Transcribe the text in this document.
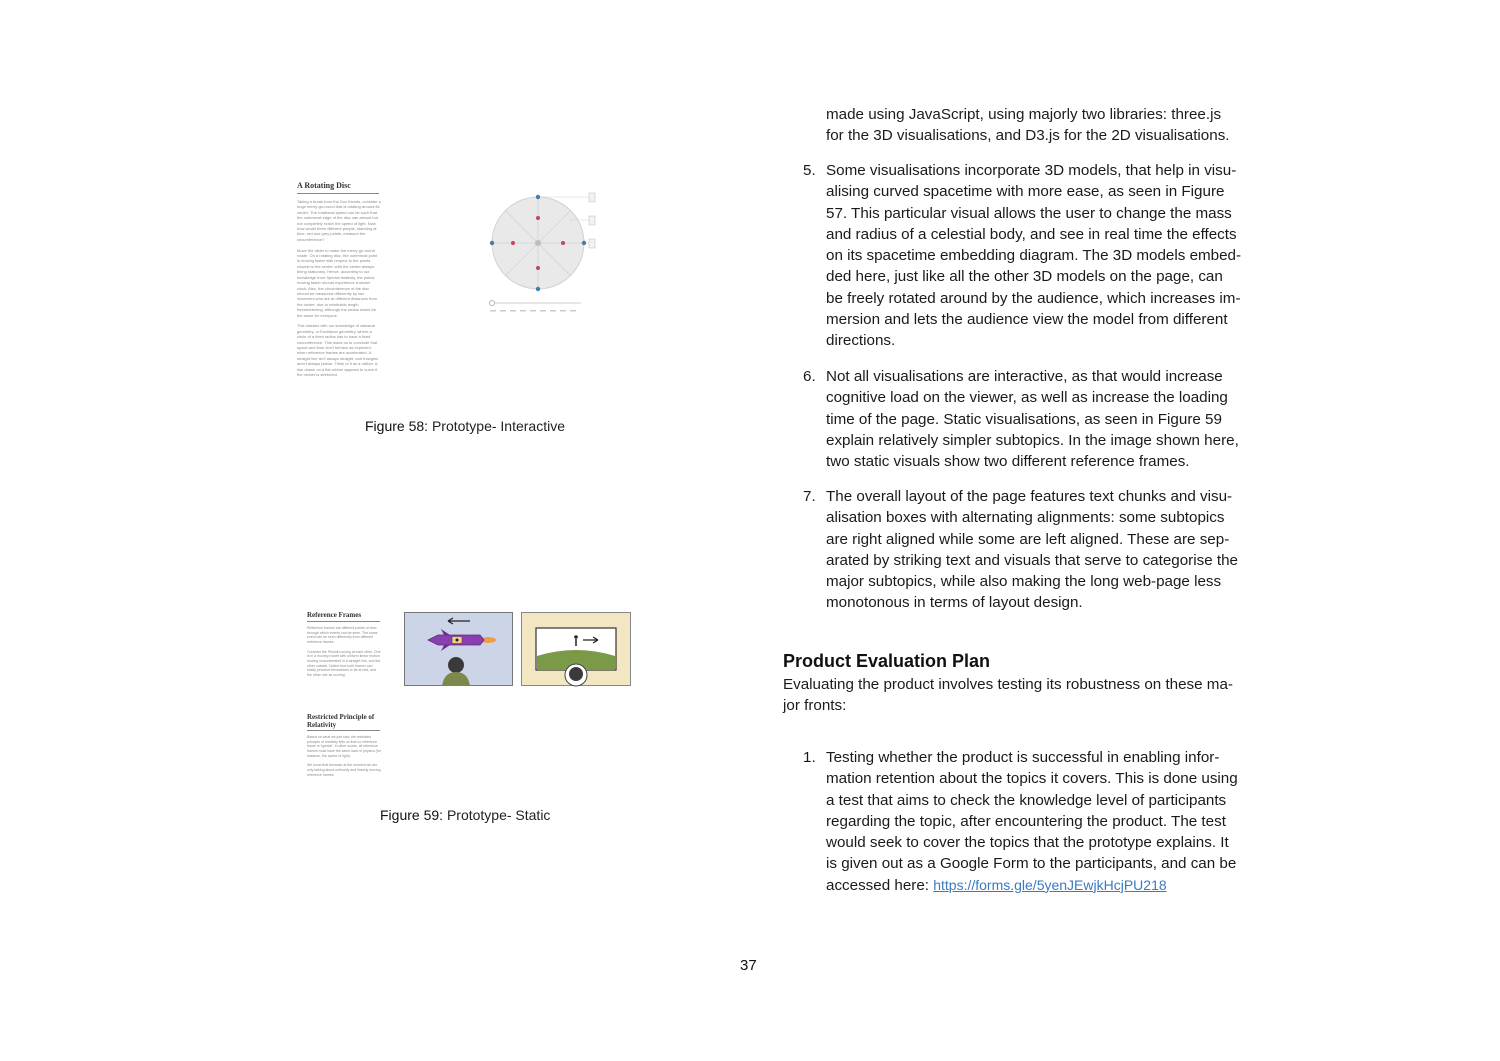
A Rotating Disc
Taking a break from the Doc friends, consider a huge merry-go-round that is rotating around its center. The rotational speed can be such that the outermost edge of the disc can almost but not completely reach the speed of light. Now how would three different people, standing at blue, red and grey points, measure the circumference?

Move the slider to make the merry-go-round rotate. On a rotating disc, the outermost point is moving faster with respect to the points closest to the center, with the center always being stationary. Hence, according to our knowledge from Special relativity, the points moving faster should experience a slower clock. Also, the circumference of the disc should be measured differently by two observers who are at different distances from the center, due to relativistic length foreshortening, although the radius would be the same for everyone.

This clashes with our knowledge of classical geometry, or Euclidean geometry, where a circle of a fixed radius has to have a fixed circumference. This leads us to conclude that space and time don't behave as expected when reference frames are accelerated. A straight line isn't always straight, and triangles aren't always planar. Think of it as a rubber. A line drawn on a flat rubber appears to curve if the rubber is stretched.
Figure 58: Prototype- Interactive
Reference Frames
Reference frames are different points of view through which events can be seen. The same event can be seen differently from different reference frames.

Consider the Prismit moving at each other. One is in a moving rocket with uniform linear motion moving unaccelerated in a straight line, and the other outside. Notice how both frames can easily perceive themselves to be at rest, and the other one as moving.
Restricted Principle of Relativity
Based on what we just saw, the restricted principle of relativity tells us that no reference frame is 'special'. In other words, all reference frames must have the same laws of physics (for instance, the speed of light).

We know that because at the moment we are only talking about uniformly and linearly moving reference frames.
Figure 59: Prototype- Static
made using JavaScript, using majorly two libraries: three.js
for the 3D visualisations, and D3.js for the 2D visualisations.
5. Some visualisations incorporate 3D models, that help in visu-
alising curved spacetime with more ease, as seen in Figure
57. This particular visual allows the user to change the mass
and radius of a celestial body, and see in real time the effects
on its spacetime embedding diagram. The 3D models embed-
ded here, just like all the other 3D models on the page, can
be freely rotated around by the audience, which increases im-
mersion and lets the audience view the model from different
directions.
6. Not all visualisations are interactive, as that would increase
cognitive load on the viewer, as well as increase the loading
time of the page. Static visualisations, as seen in Figure 59
explain relatively simpler subtopics. In the image shown here,
two static visuals show two different reference frames.
7. The overall layout of the page features text chunks and visu-
alisation boxes with alternating alignments: some subtopics
are right aligned while some are left aligned. These are sep-
arated by striking text and visuals that serve to categorise the
major subtopics, while also making the long web-page less
monotonous in terms of layout design.
Product Evaluation Plan
Evaluating the product involves testing its robustness on these ma-
jor fronts:
1. Testing whether the product is successful in enabling infor-
mation retention about the topics it covers. This is done using
a test that aims to check the knowledge level of participants
regarding the topic, after encountering the product. The test
would seek to cover the topics that the prototype explains. It
is given out as a Google Form to the participants, and can be
accessed here: https://forms.gle/5yenJEwjkHcjPU218
37
